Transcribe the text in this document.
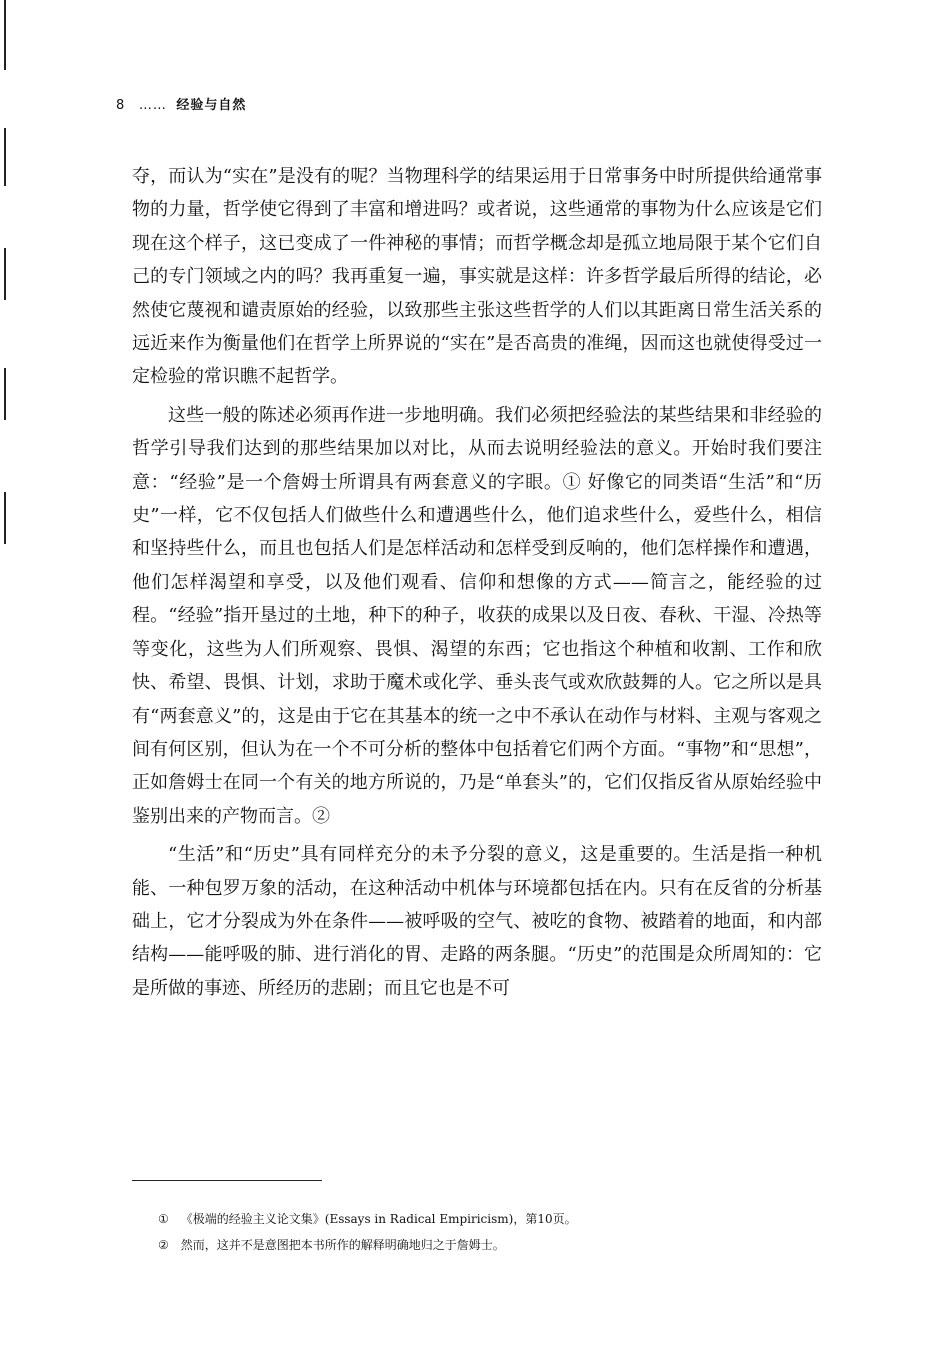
8 …… 经验与自然

夺，而认为“实在”是没有的呢？当物理科学的结果运用于日常事务中时所提供给通常事物的力量，哲学使它得到了丰富和增进吗？或者说，这些通常的事物为什么应该是它们现在这个样子，这已变成了一件神秘的事情；而哲学概念却是孤立地局限于某个它们自己的专门领域之内的吗？我再重复一遍，事实就是这样：许多哲学最后所得的结论，必然使它蔑视和谴责原始的经验，以致那些主张这些哲学的人们以其距离日常生活关系的远近来作为衡量他们在哲学上所界说的“实在”是否高贵的准绳，因而这也就使得受过一定检验的常识瞧不起哲学。

这些一般的陈述必须再作进一步地明确。我们必须把经验法的某些结果和非经验的哲学引导我们达到的那些结果加以对比，从而去说明经验法的意义。开始时我们要注意：“经验”是一个詹姆士所谓具有两套意义的字眼。① 好像它的同类语“生活”和“历史”一样，它不仅包括人们做些什么和遭遇些什么，他们追求些什么，爱些什么，相信和坚持些什么，而且也包括人们是怎样活动和怎样受到反响的，他们怎样操作和遭遇，他们怎样渴望和享受，以及他们观看、信仰和想像的方式——简言之，能经验的过程。“经验”指开垦过的土地，种下的种子，收获的成果以及日夜、春秋、干湿、冷热等等变化，这些为人们所观察、畏惧、渴望的东西；它也指这个种植和收割、工作和欣快、希望、畏惧、计划，求助于魔术或化学、垂头丧气或欢欣鼓舞的人。它之所以是具有“两套意义”的，这是由于它在其基本的统一之中不承认在动作与材料、主观与客观之间有何区别，但认为在一个不可分析的整体中包括着它们两个方面。“事物”和“思想”，正如詹姆士在同一个有关的地方所说的，乃是“单套头”的，它们仅指反省从原始经验中鉴别出来的产物而言。②

“生活”和“历史”具有同样充分的未予分裂的意义，这是重要的。生活是指一种机能、一种包罗万象的活动，在这种活动中机体与环境都包括在内。只有在反省的分析基础上，它才分裂成为外在条件——被呼吸的空气、被吃的食物、被踏着的地面，和内部结构——能呼吸的肺、进行消化的胃、走路的两条腿。“历史”的范围是众所周知的：它是所做的事迹、所经历的悲剧；而且它也是不可

① 《极端的经验主义论文集》(Essays in Radical Empiricism)，第10页。
② 然而，这并不是意图把本书所作的解释明确地归之于詹姆士。
